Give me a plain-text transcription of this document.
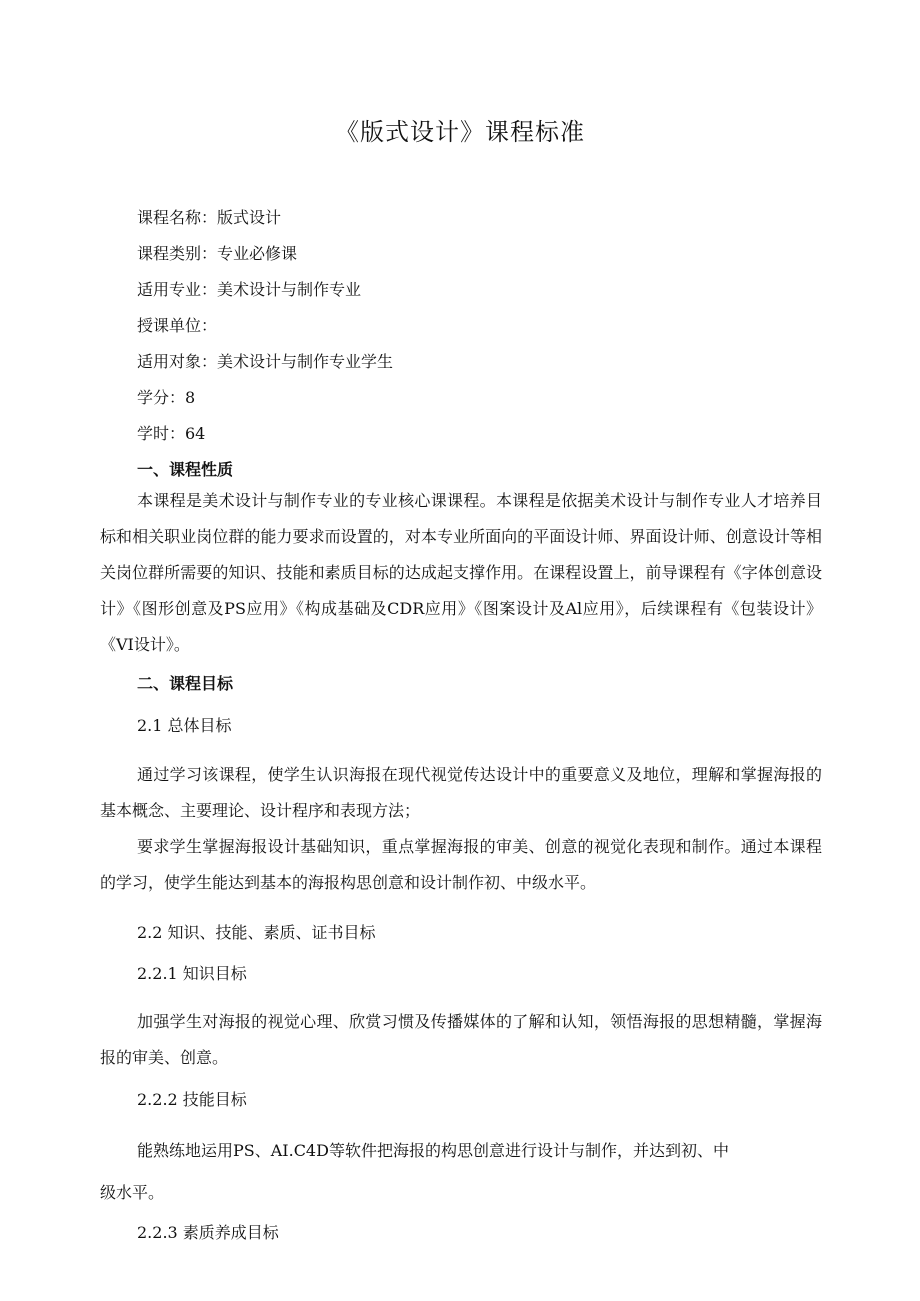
《版式设计》课程标准
课程名称：版式设计
课程类别：专业必修课
适用专业：美术设计与制作专业
授课单位：
适用对象：美术设计与制作专业学生
学分：8
学时：64
一、课程性质
本课程是美术设计与制作专业的专业核心课课程。本课程是依据美术设计与制作专业人才培养目标和相关职业岗位群的能力要求而设置的，对本专业所面向的平面设计师、界面设计师、创意设计等相关岗位群所需要的知识、技能和素质目标的达成起支撑作用。在课程设置上，前导课程有《字体创意设计》《图形创意及PS应用》《构成基础及CDR应用》《图案设计及Al应用》，后续课程有《包装设计》《VI设计》。
二、课程目标
2.1 总体目标
通过学习该课程，使学生认识海报在现代视觉传达设计中的重要意义及地位，理解和掌握海报的基本概念、主要理论、设计程序和表现方法；
要求学生掌握海报设计基础知识，重点掌握海报的审美、创意的视觉化表现和制作。通过本课程的学习，使学生能达到基本的海报构思创意和设计制作初、中级水平。
2.2 知识、技能、素质、证书目标
2.2.1 知识目标
加强学生对海报的视觉心理、欣赏习惯及传播媒体的了解和认知，领悟海报的思想精髓，掌握海报的审美、创意。
2.2.2 技能目标
能熟练地运用PS、AI.C4D等软件把海报的构思创意进行设计与制作，并达到初、中
级水平。
2.2.3 素质养成目标
